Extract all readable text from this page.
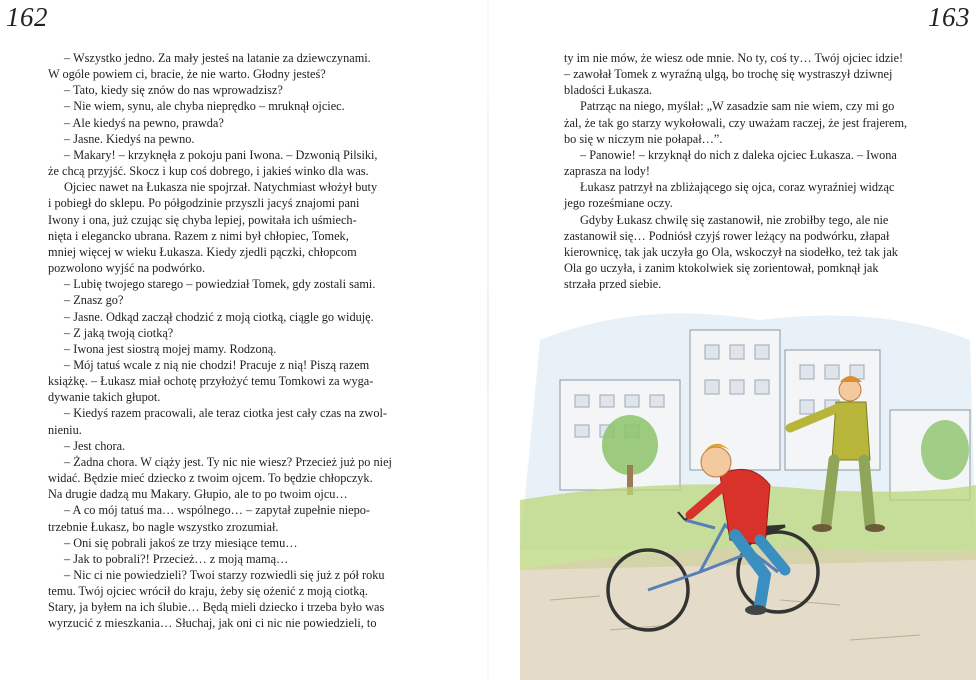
162	163

– Wszystko jedno. Za mały jesteś na latanie za dziewczynami.

W ogóle powiem ci, bracie, że nie warto. Głodny jesteś?

– Tato, kiedy się znów do nas wprowadzisz?

– Nie wiem, synu, ale chyba nieprędko – mruknął ojciec.

– Ale kiedyś na pewno, prawda?

– Jasne. Kiedyś na pewno.

– Makary! – krzyknęła z pokoju pani Iwona. – Dzwonią Pilsiki,

że chcą przyjść. Skocz i kup coś dobrego, i jakieś winko dla was.

Ojciec nawet na Łukasza nie spojrzał. Natychmiast włożył buty

i pobiegł do sklepu. Po półgodzinie przyszli jacyś znajomi pani

Iwony i ona, już czując się chyba lepiej, powitała ich uśmiech-

nięta i elegancko ubrana. Razem z nimi był chłopiec, Tomek,

mniej więcej w wieku Łukasza. Kiedy zjedli pączki, chłopcom

pozwolono wyjść na podwórko.

– Lubię twojego starego – powiedział Tomek, gdy zostali sami.

– Znasz go?

– Jasne. Odkąd zaczął chodzić z moją ciotką, ciągle go widuję.

– Z jaką twoją ciotką?

– Iwona jest siostrą mojej mamy. Rodzoną.

– Mój tatuś wcale z nią nie chodzi! Pracuje z nią! Piszą razem

książkę. – Łukasz miał ochotę przyłożyć temu Tomkowi za wyga-

dywanie takich głupot.

– Kiedyś razem pracowali, ale teraz ciotka jest cały czas na zwol-

nieniu.

– Jest chora.

– Żadna chora. W ciąży jest. Ty nic nie wiesz? Przecież już po niej

widać. Będzie mieć dziecko z twoim ojcem. To będzie chłopczyk.

Na drugie dadzą mu Makary. Głupio, ale to po twoim ojcu…

– A co mój tatuś ma… wspólnego… – zapytał zupełnie niepo-

trzebnie Łukasz, bo nagle wszystko zrozumiał.

– Oni się pobrali jakoś ze trzy miesiące temu…

– Jak to pobrali?! Przecież… z moją mamą…

– Nic ci nie powiedzieli? Twoi starzy rozwiedli się już z pół roku

temu. Twój ojciec wrócił do kraju, żeby się ożenić z moją ciotką.

Stary, ja byłem na ich ślubie… Będą mieli dziecko i trzeba było was

wyrzucić z mieszkania… Słuchaj, jak oni ci nic nie powiedzieli, to

ty im nie mów, że wiesz ode mnie. No ty, coś ty… Twój ojciec idzie!

– zawołał Tomek z wyraźną ulgą, bo trochę się wystraszył dziwnej

bladości Łukasza.

Patrząc na niego, myślał: „W zasadzie sam nie wiem, czy mi go

żal, że tak go starzy wykołowali, czy uważam raczej, że jest frajerem,

bo się w niczym nie połapał…”.

– Panowie! – krzyknął do nich z daleka ojciec Łukasza. – Iwona

zaprasza na lody!

Łukasz patrzył na zbliżającego się ojca, coraz wyraźniej widząc

jego roześmiane oczy.

Gdyby Łukasz chwilę się zastanowił, nie zrobiłby tego, ale nie

zastanowił się… Podniósł czyjś rower leżący na podwórku, złapał

kierownicę, tak jak uczyła go Ola, wskoczył na siodełko, też tak jak

Ola go uczyła, i zanim ktokolwiek się zorientował, pomknął jak

strzała przed siebie.
